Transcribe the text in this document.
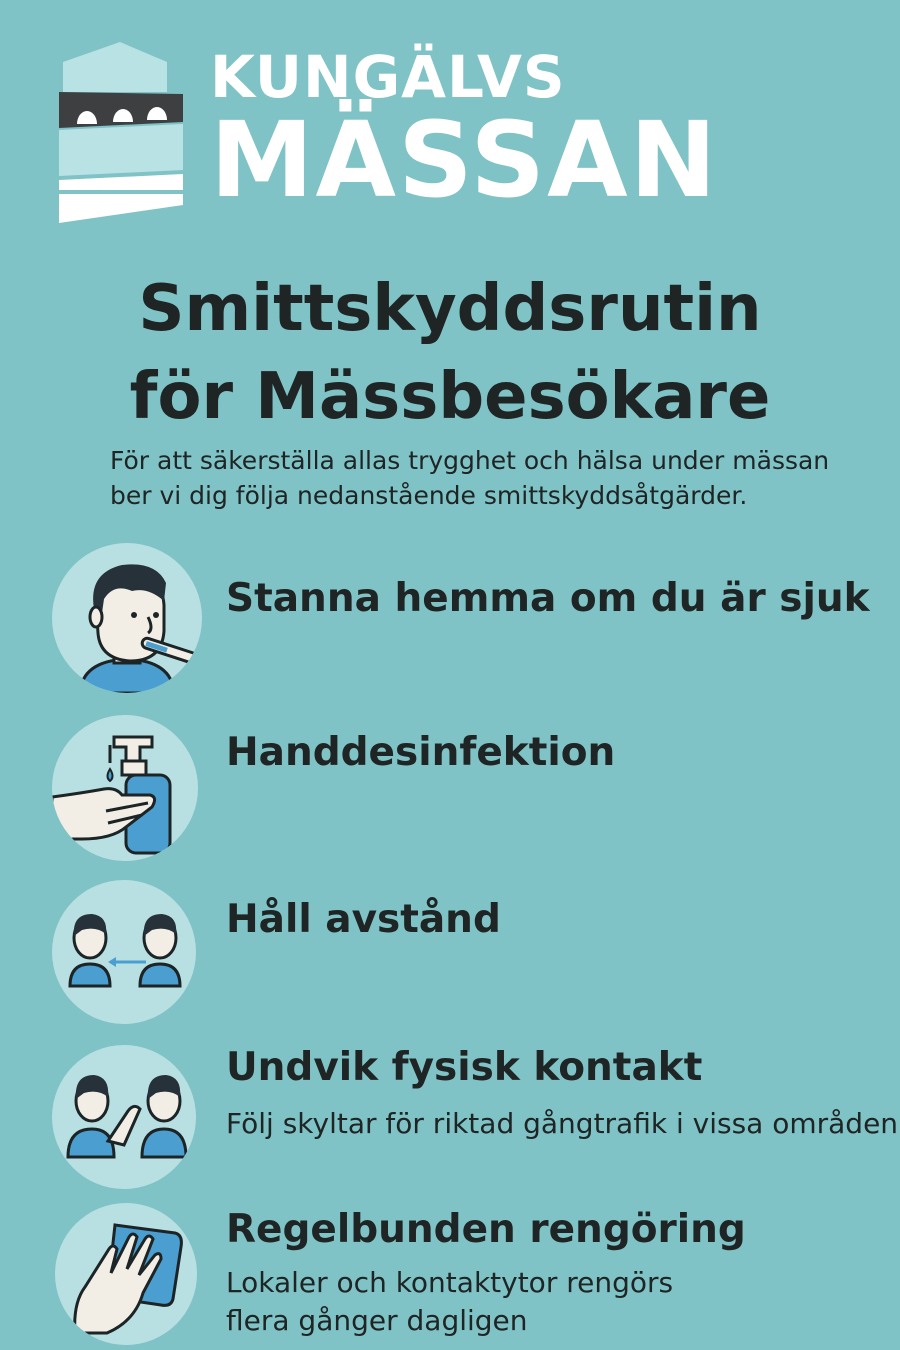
KUNGÄLVS
MÄSSAN
Smittskyddsrutin
för Mässbesökare
För att säkerställa allas trygghet och hälsa under mässan
ber vi dig följa nedanstående smittskyddsåtgärder.
Stanna hemma om du är sjuk
Handdesinfektion
Håll avstånd
Undvik fysisk kontakt
Följ skyltar för riktad gångtrafik i vissa områden
Regelbunden rengöring
Lokaler och kontaktytor rengörs
flera gånger dagligen
